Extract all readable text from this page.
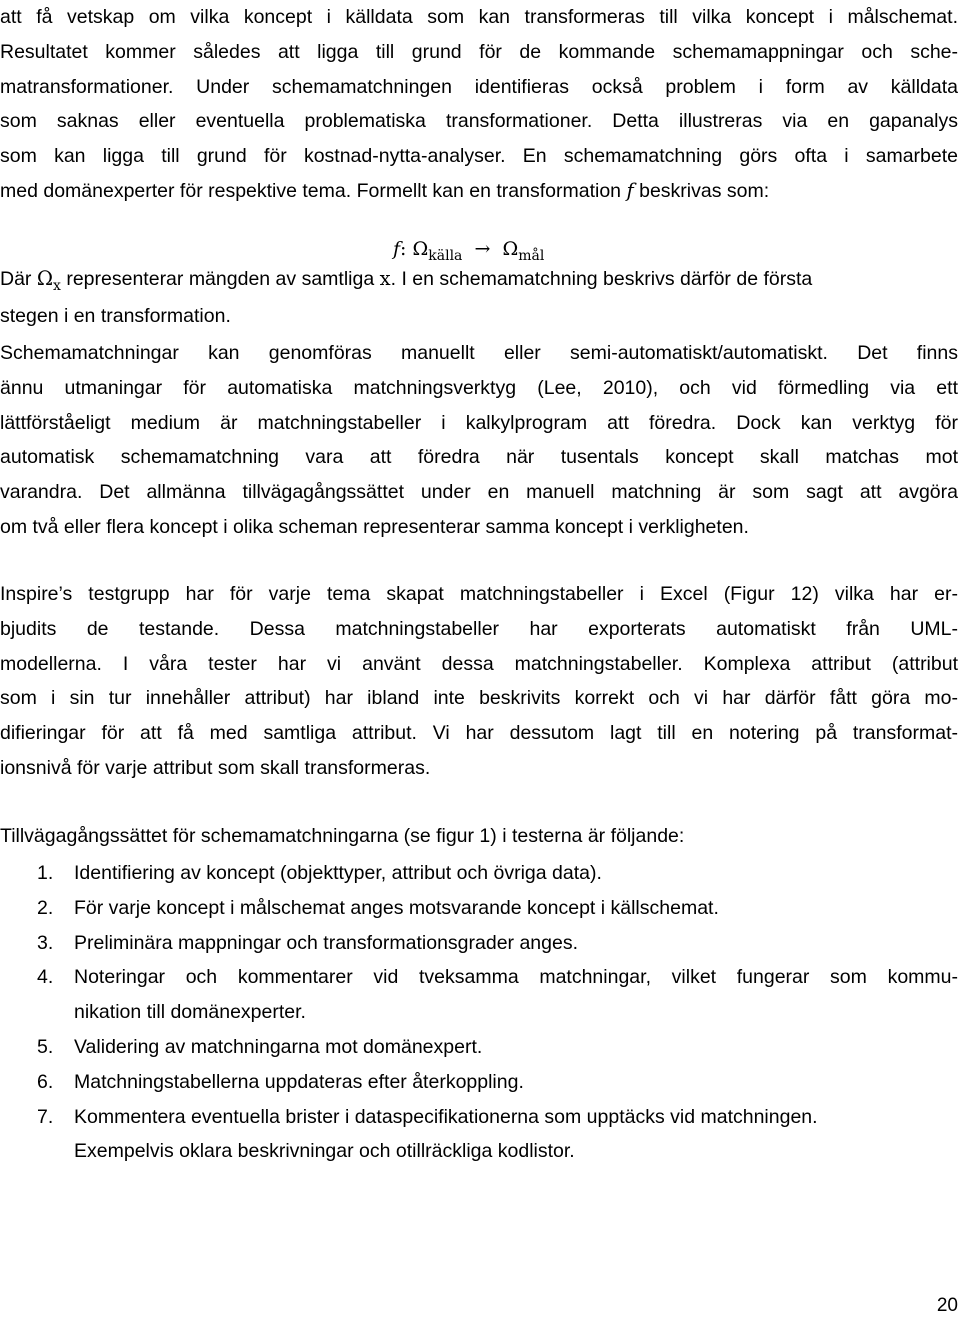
att få vetskap om vilka koncept i källdata som kan transformeras till vilka koncept i målschemat.
Resultatet kommer således att ligga till grund för de kommande schemamappningar och sche-
matransformationer. Under schemamatchningen identifieras också problem i form av källdata
som saknas eller eventuella problematiska transformationer. Detta illustreras via en gapanalys
som kan ligga till grund för kostnad-nytta-analyser. En schemamatchning görs ofta i samarbete
med domänexperter för respektive tema. Formellt kan en transformation f beskrivas som:
f: $\Omega_{källa} \to \Omega_{mål}$
Där $\Omega_x$ representerar mängden av samtliga x. I en schemamatchning beskrivs därför de första
stegen i en transformation.
Schemamatchningar kan genomföras manuellt eller semi-automatiskt/automatiskt. Det finns
ännu utmaningar för automatiska matchningsverktyg (Lee, 2010), och vid förmedling via ett
lättförståeligt medium är matchningstabeller i kalkylprogram att föredra. Dock kan verktyg för
automatisk schemamatchning vara att föredra när tusentals koncept skall matchas mot
varandra. Det allmänna tillvägagångssättet under en manuell matchning är som sagt att avgöra
om två eller flera koncept i olika scheman representerar samma koncept i verkligheten.
Inspire’s testgrupp har för varje tema skapat matchningstabeller i Excel (Figur 12) vilka har er-
bjudits de testande. Dessa matchningstabeller har exporterats automatiskt från UML-
modellerna. I våra tester har vi använt dessa matchningstabeller. Komplexa attribut (attribut
som i sin tur innehåller attribut) har ibland inte beskrivits korrekt och vi har därför fått göra mo-
difieringar för att få med samtliga attribut. Vi har dessutom lagt till en notering på transformat-
ionsnivå för varje attribut som skall transformeras.
Tillvägagångssättet för schemamatchningarna (se figur 1) i testerna är följande:
1. Identifiering av koncept (objekttyper, attribut och övriga data).
2. För varje koncept i målschemat anges motsvarande koncept i källschemat.
3. Preliminära mappningar och transformationsgrader anges.
4. Noteringar och kommentarer vid tveksamma matchningar, vilket fungerar som kommu-
nikation till domänexperter.
5. Validering av matchningarna mot domänexpert.
6. Matchningstabellerna uppdateras efter återkoppling.
7. Kommentera eventuella brister i dataspecifikationerna som upptäcks vid matchningen.
Exempelvis oklara beskrivningar och otillräckliga kodlistor.
20
